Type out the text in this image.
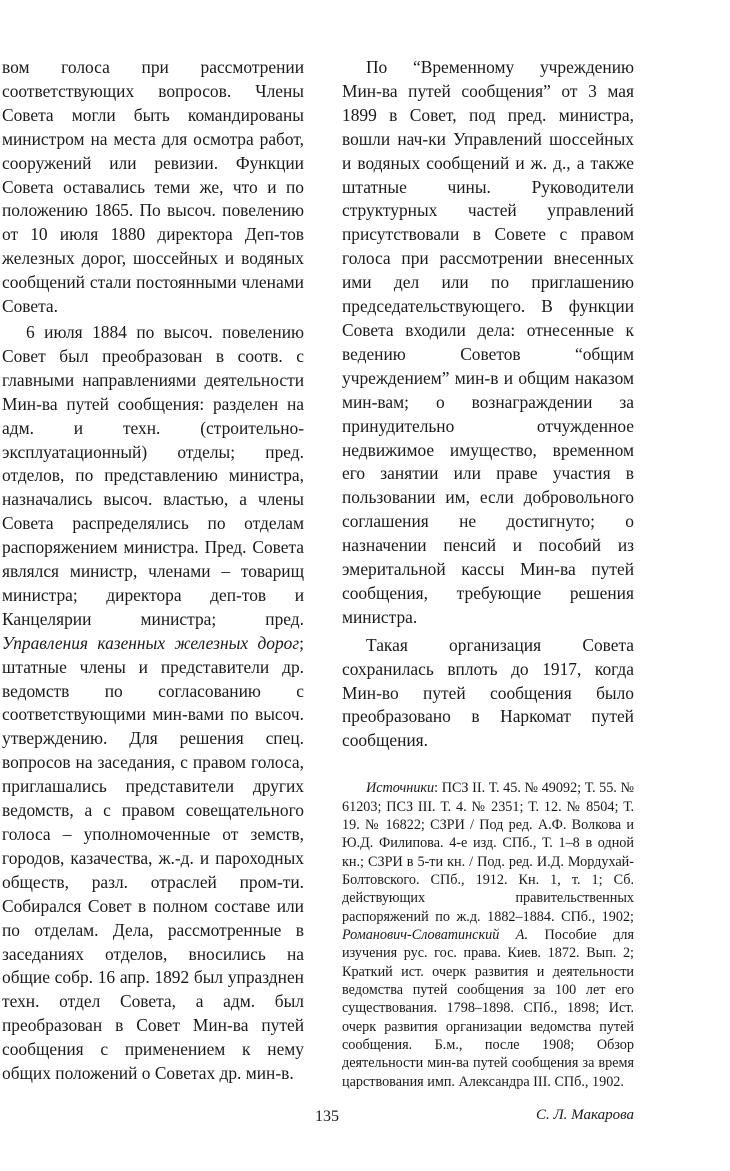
вом голоса при рассмотрении соответствующих вопросов. Члены Совета могли быть командированы министром на места для осмотра работ, сооружений или ревизии. Функции Совета оставались теми же, что и по положению 1865. По высоч. повелению от 10 июля 1880 директора Деп-тов железных дорог, шоссейных и водяных сообщений стали постоянными членами Совета.

6 июля 1884 по высоч. повелению Совет был преобразован в соотв. с главными направлениями деятельности Мин-ва путей сообщения: разделен на адм. и техн. (строительно-эксплуатационный) отделы; пред. отделов, по представлению министра, назначались высоч. властью, а члены Совета распределялись по отделам распоряжением министра. Пред. Совета являлся министр, членами – товарищ министра; директора деп-тов и Канцелярии министра; пред. Управления казенных железных дорог; штатные члены и представители др. ведомств по согласованию с соответствующими мин-вами по высоч. утверждению. Для решения спец. вопросов на заседания, с правом голоса, приглашались представители других ведомств, а с правом совещательного голоса – уполномоченные от земств, городов, казачества, ж.-д. и пароходных обществ, разл. отраслей пром-ти. Собирался Совет в полном составе или по отделам. Дела, рассмотренные в заседаниях отделов, вносились на общие собр. 16 апр. 1892 был упразднен техн. отдел Совета, а адм. был преобразован в Совет Мин-ва путей сообщения с применением к нему общих положений о Советах др. мин-в.

По “Временному учреждению Мин-ва путей сообщения” от 3 мая 1899 в Совет, под пред. министра, вошли нач-ки Управлений шоссейных и водяных сообщений и ж. д., а также штатные чины. Руководители структурных частей управлений присутствовали в Совете с правом голоса при рассмотрении внесенных ими дел или по приглашению председательствующего. В функции Совета входили дела: отнесенные к ведению Советов “общим учреждением” мин-в и общим наказом мин-вам; о вознаграждении за принудительно отчужденное недвижимое имущество, временном его занятии или праве участия в пользовании им, если добровольного соглашения не достигнуто; о назначении пенсий и пособий из эмеритальной кассы Мин-ва путей сообщения, требующие решения министра.

Такая организация Совета сохранилась вплоть до 1917, когда Мин-во путей сообщения было преобразовано в Наркомат путей сообщения.

Источники: ПСЗ II. Т. 45. № 49092; Т. 55. № 61203; ПСЗ III. Т. 4. № 2351; Т. 12. № 8504; Т. 19. № 16822; СЗРИ / Под ред. А.Ф. Волкова и Ю.Д. Филипова. 4-е изд. СПб., Т. 1–8 в одной кн.; СЗРИ в 5-ти кн. / Под. ред. И.Д. Мордухай-Болтовского. СПб., 1912. Кн. 1, т. 1; Сб. действующих правительственных распоряжений по ж.д. 1882–1884. СПб., 1902; Романович-Словатинский А. Пособие для изучения рус. гос. права. Киев. 1872. Вып. 2; Краткий ист. очерк развития и деятельности ведомства путей сообщения за 100 лет его существования. 1798–1898. СПб., 1898; Ист. очерк развития организации ведомства путей сообщения. Б.м., после 1908; Обзор деятельности мин-ва путей сообщения за время царствования имп. Александра III. СПб., 1902.
С. Л. Макарова
135
